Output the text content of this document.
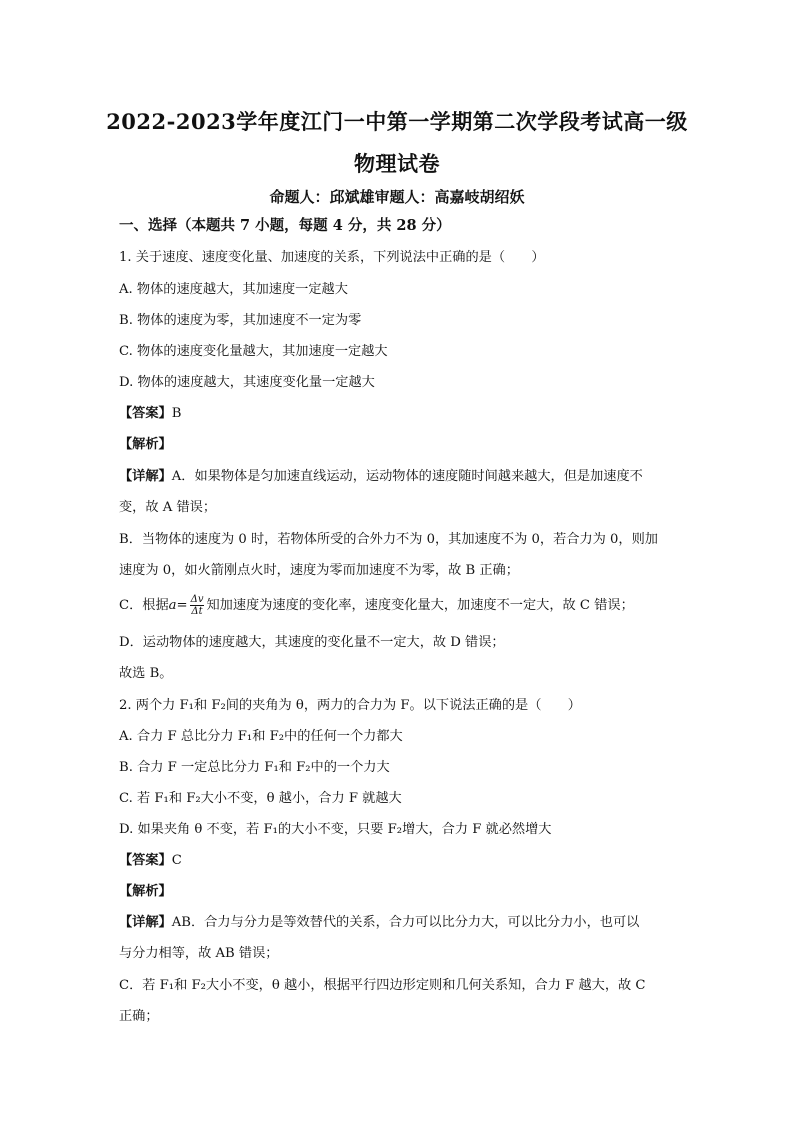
2022-2023学年度江门一中第一学期第二次学段考试高一级
物理试卷
命题人：邱斌雄审题人：高嘉岐胡绍妖
一、选择（本题共 7 小题，每题 4 分，共 28 分）
1. 关于速度、速度变化量、加速度的关系，下列说法中正确的是（　　）
A. 物体的速度越大，其加速度一定越大
B. 物体的速度为零，其加速度不一定为零
C. 物体的速度变化量越大，其加速度一定越大
D. 物体的速度越大，其速度变化量一定越大
【答案】B
【解析】
【详解】A．如果物体是匀加速直线运动，运动物体的速度随时间越来越大，但是加速度不
变，故 A 错误；
B．当物体的速度为 0 时，若物体所受的合外力不为 0，其加速度不为 0，若合力为 0，则加
速度为 0，如火箭刚点火时，速度为零而加速度不为零，故 B 正确；
C．根据$a= \frac{\Delta v}{\Delta t}$ 知加速度为速度的变化率，速度变化量大，加速度不一定大，故 C 错误；
D．运动物体的速度越大，其速度的变化量不一定大，故 D 错误；
故选 B。
2. 两个力 F₁和 F₂间的夹角为 θ，两力的合力为 F。以下说法正确的是（　　）
A. 合力 F 总比分力 F₁和 F₂中的任何一个力都大
B. 合力 F 一定总比分力 F₁和 F₂中的一个力大
C. 若 F₁和 F₂大小不变，θ 越小，合力 F 就越大
D. 如果夹角 θ 不变，若 F₁的大小不变，只要 F₂增大，合力 F 就必然增大
【答案】C
【解析】
【详解】AB．合力与分力是等效替代的关系，合力可以比分力大，可以比分力小，也可以
与分力相等，故 AB 错误；
C．若 F₁和 F₂大小不变，θ 越小，根据平行四边形定则和几何关系知，合力 F 越大，故 C
正确；
